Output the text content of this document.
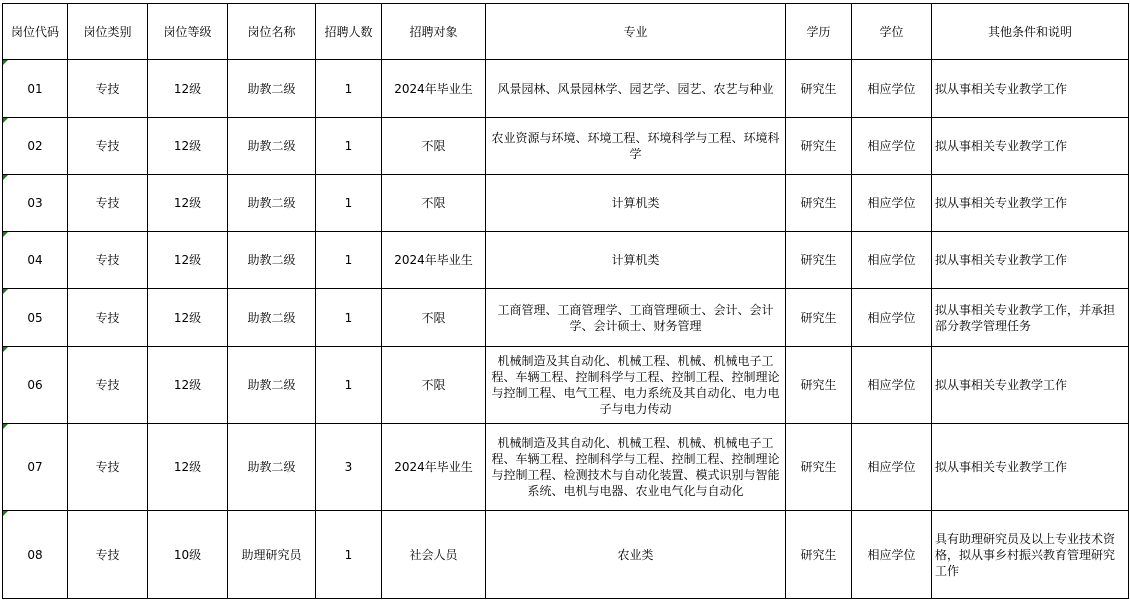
岗位代码	岗位类别	岗位等级	岗位名称	招聘人数	招聘对象	专业	学历	学位	其他条件和说明

01	专技	12级	助教二级	1	2024年毕业生	风景园林、风景园林学、园艺学、园艺、农艺与种业	研究生	相应学位	拟从事相关专业教学工作

02	专技	12级	助教二级	1	不限	农业资源与环境、环境工程、环境科学与工程、环境科学	研究生	相应学位	拟从事相关专业教学工作

03	专技	12级	助教二级	1	不限	计算机类	研究生	相应学位	拟从事相关专业教学工作

04	专技	12级	助教二级	1	2024年毕业生	计算机类	研究生	相应学位	拟从事相关专业教学工作

05	专技	12级	助教二级	1	不限	工商管理、工商管理学、工商管理硕士、会计、会计学、会计硕士、财务管理	研究生	相应学位	拟从事相关专业教学工作，并承担部分教学管理任务

06	专技	12级	助教二级	1	不限	机械制造及其自动化、机械工程、机械、机械电子工程、车辆工程、控制科学与工程、控制工程、控制理论与控制工程、电气工程、电力系统及其自动化、电力电子与电力传动	研究生	相应学位	拟从事相关专业教学工作

07	专技	12级	助教二级	3	2024年毕业生	机械制造及其自动化、机械工程、机械、机械电子工程、车辆工程、控制科学与工程、控制工程、控制理论与控制工程、检测技术与自动化装置、模式识别与智能系统、电机与电器、农业电气化与自动化	研究生	相应学位	拟从事相关专业教学工作

08	专技	10级	助理研究员	1	社会人员	农业类	研究生	相应学位	具有助理研究员及以上专业技术资格，拟从事乡村振兴教育管理研究工作
